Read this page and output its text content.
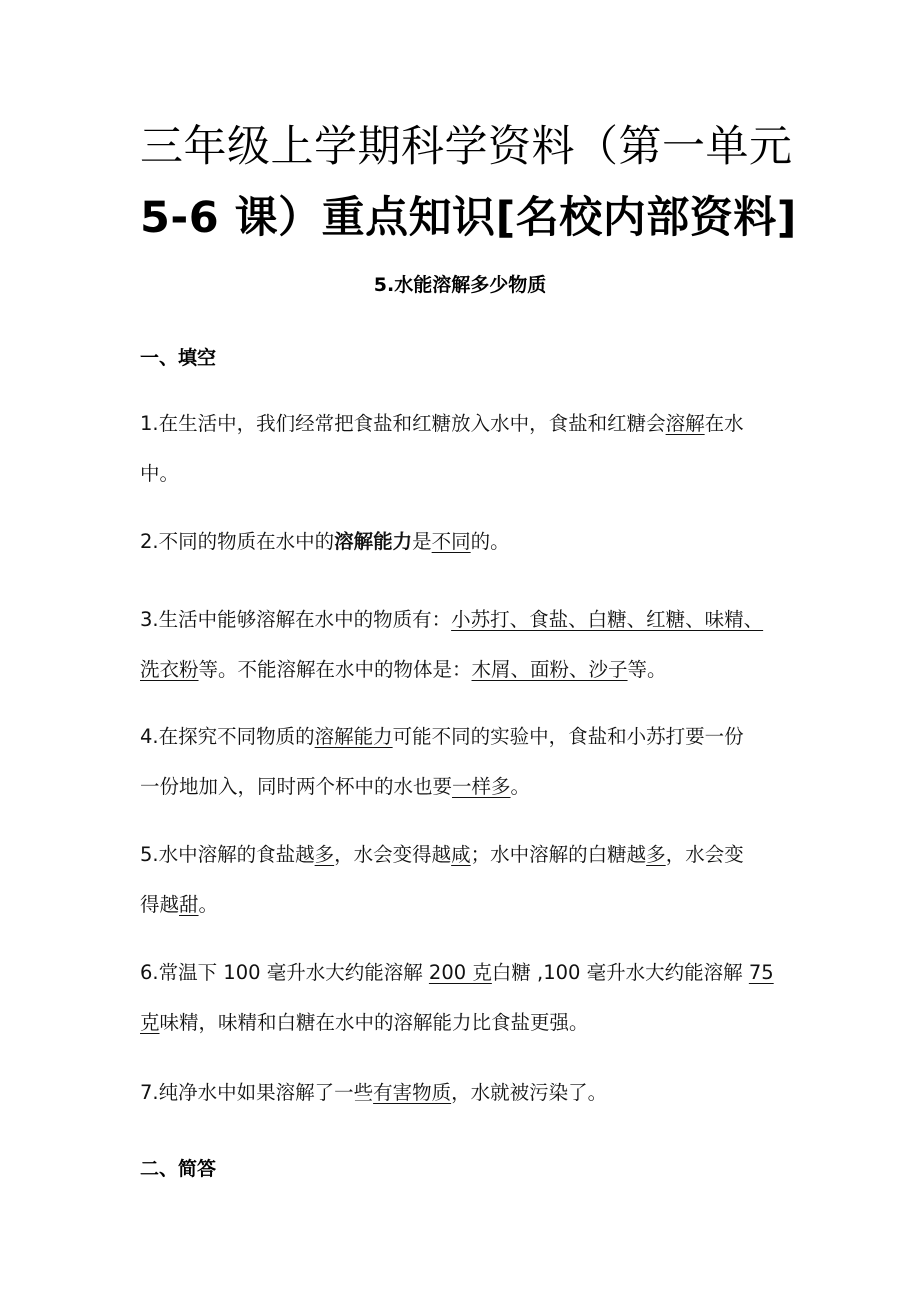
三年级上学期科学资料（第一单元
5-6 课）重点知识[名校内部资料]
5.水能溶解多少物质
一、填空
1.在生活中，我们经常把食盐和红糖放入水中，食盐和红糖会溶解在水
中。
2.不同的物质在水中的溶解能力是不同的。
3.生活中能够溶解在水中的物质有：小苏打、食盐、白糖、红糖、味精、
洗衣粉等。不能溶解在水中的物体是：木屑、面粉、沙子等。
4.在探究不同物质的溶解能力可能不同的实验中，食盐和小苏打要一份
一份地加入，同时两个杯中的水也要一样多。
5.水中溶解的食盐越多，水会变得越咸；水中溶解的白糖越多，水会变
得越甜。
6.常温下 100 毫升水大约能溶解 200 克白糖 ,100 毫升水大约能溶解 75
克味精，味精和白糖在水中的溶解能力比食盐更强。
7.纯净水中如果溶解了一些有害物质，水就被污染了。
二、简答
